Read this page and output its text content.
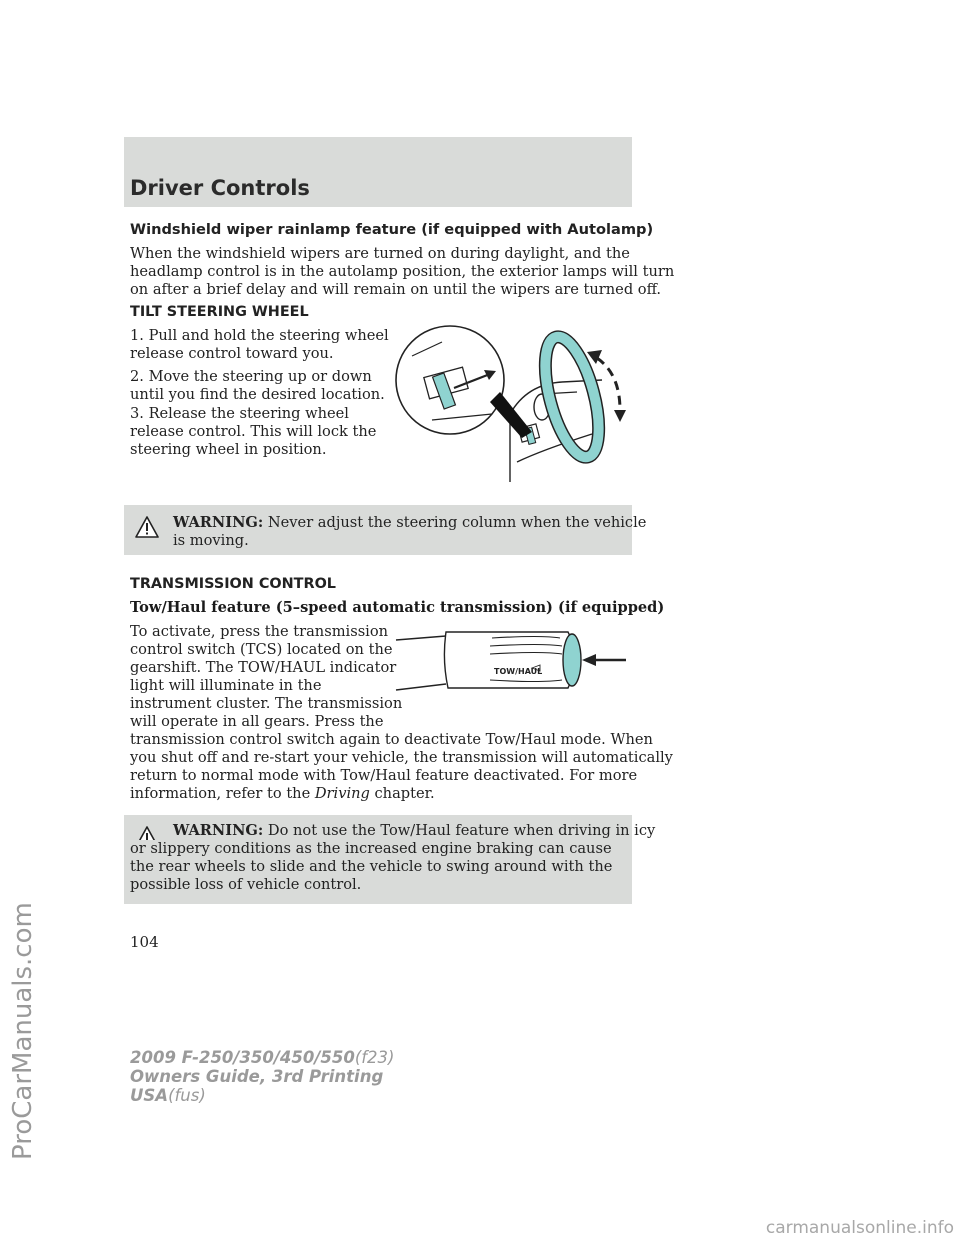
Driver Controls
Windshield wiper rainlamp feature (if equipped with Autolamp)
When the windshield wipers are turned on during daylight, and the
headlamp control is in the autolamp position, the exterior lamps will turn
on after a brief delay and will remain on until the wipers are turned off.
TILT STEERING WHEEL
1. Pull and hold the steering wheel
release control toward you.
2. Move the steering up or down
until you find the desired location.
3. Release the steering wheel
release control. This will lock the
steering wheel in position.
WARNING: Never adjust the steering column when the vehicle
is moving.
TRANSMISSION CONTROL
Tow/Haul feature (5–speed automatic transmission) (if equipped)
To activate, press the transmission
control switch (TCS) located on the
gearshift. The TOW/HAUL indicator
light will illuminate in the
instrument cluster. The transmission
will operate in all gears. Press the
transmission control switch again to deactivate Tow/Haul mode. When
you shut off and re-start your vehicle, the transmission will automatically
return to normal mode with Tow/Haul feature deactivated. For more
information, refer to the Driving chapter.
TOW/HAUL
WARNING: Do not use the Tow/Haul feature when driving in icy
or slippery conditions as the increased engine braking can cause
the rear wheels to slide and the vehicle to swing around with the
possible loss of vehicle control.
104
2009 F-250/350/450/550(f23)
Owners Guide, 3rd Printing
USA(fus)
ProCarManuals.com
carmanualsonline.info
